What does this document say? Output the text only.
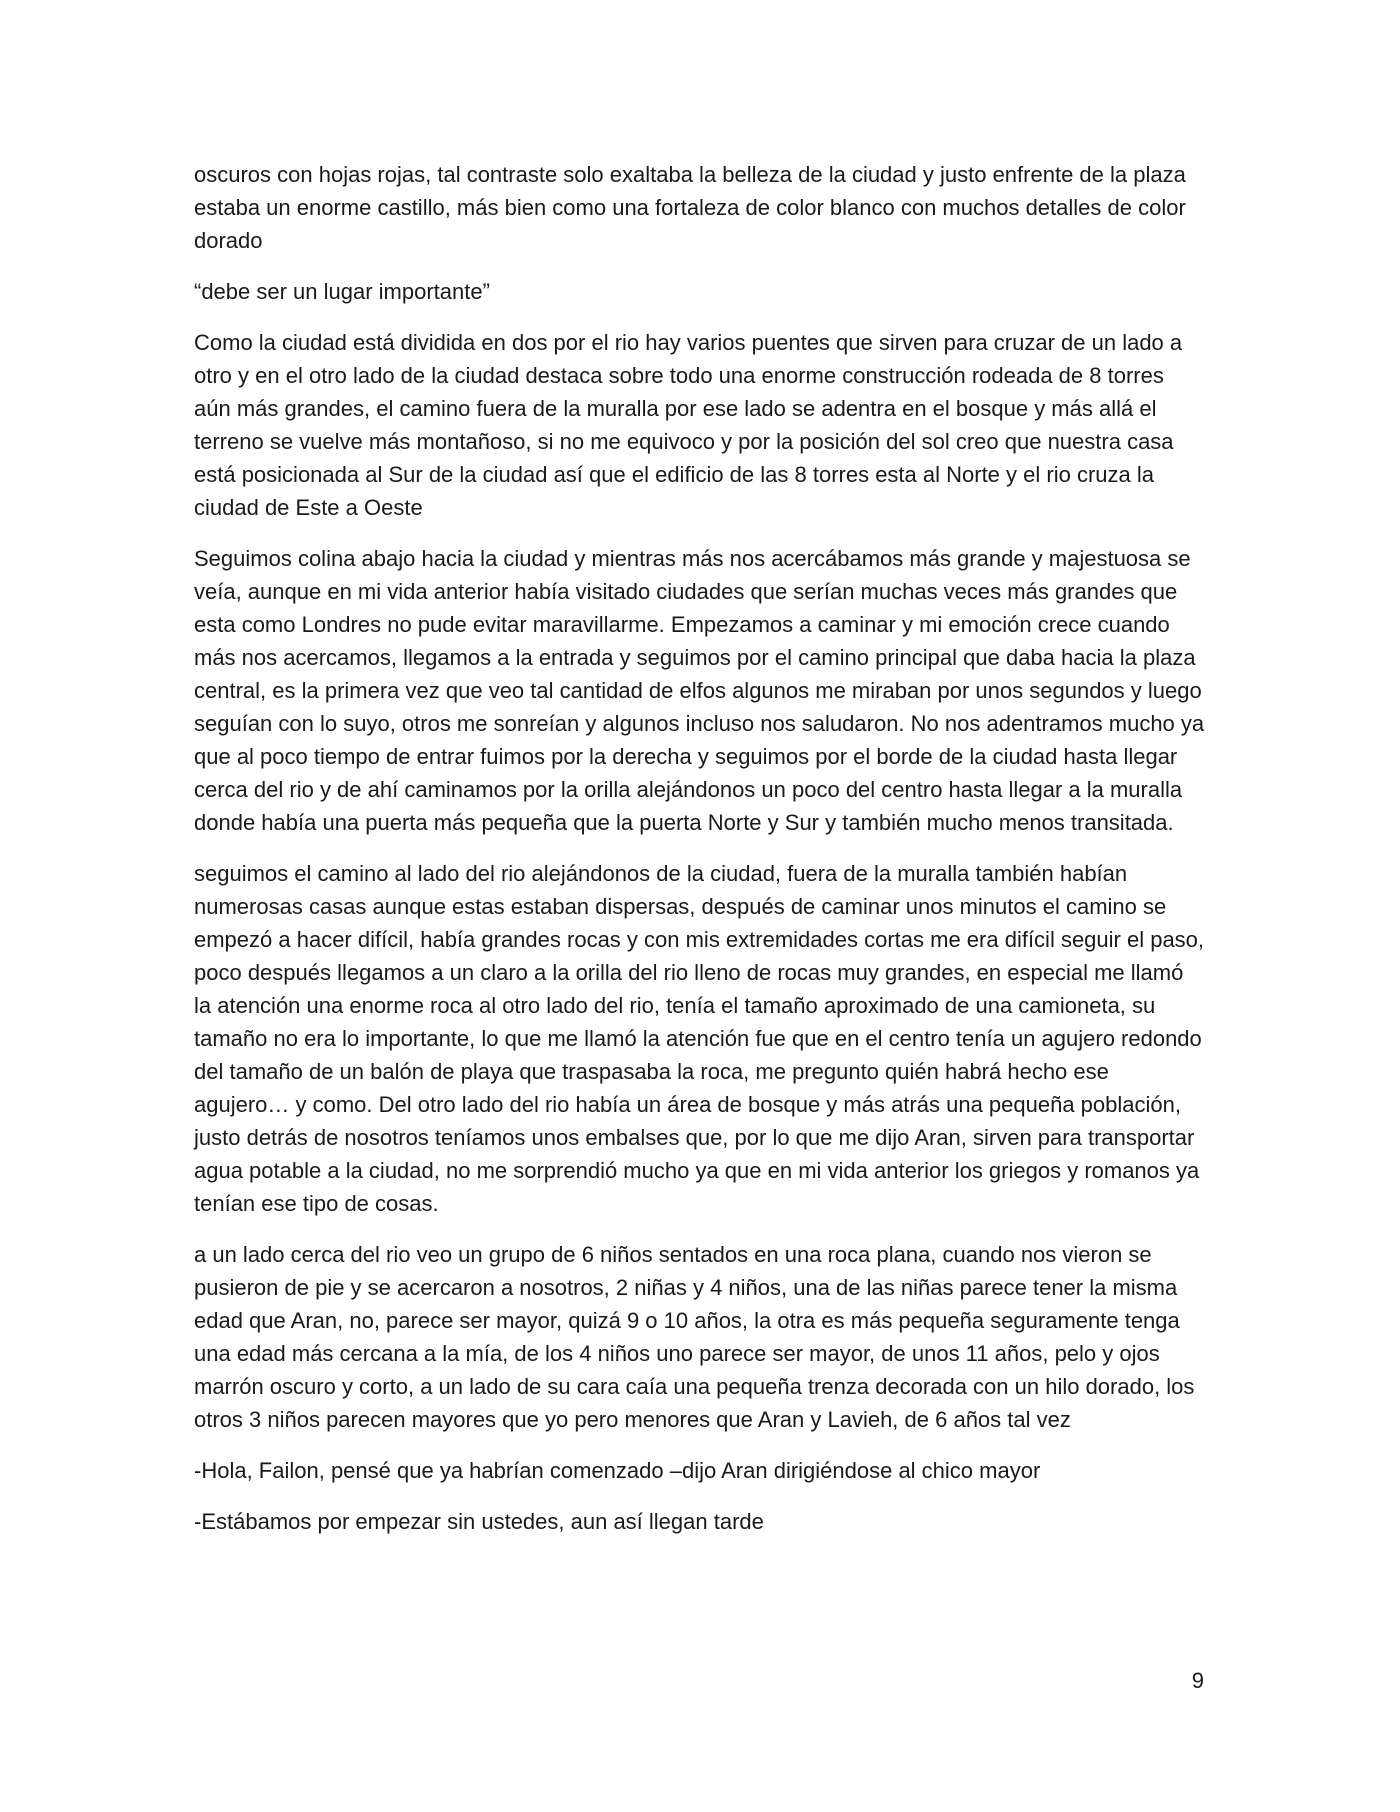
oscuros con hojas rojas, tal contraste solo exaltaba la belleza de la ciudad y justo enfrente de la plaza estaba un enorme castillo, más bien como una fortaleza de color blanco con muchos detalles de color dorado

“debe ser un lugar importante”

Como la ciudad está dividida en dos por el rio hay varios puentes que sirven para cruzar de un lado a otro y en el otro lado de la ciudad destaca sobre todo una enorme construcción rodeada de 8 torres aún más grandes, el camino fuera de la muralla por ese lado se adentra en el bosque y más allá el terreno se vuelve más montañoso, si no me equivoco y por la posición del sol creo que nuestra casa está posicionada al Sur de la ciudad así que el edificio de las 8 torres esta al Norte y el rio cruza la ciudad de Este a Oeste

Seguimos colina abajo hacia la ciudad y mientras más nos acercábamos más grande y majestuosa se veía, aunque en mi vida anterior había visitado ciudades que serían muchas veces más grandes que esta como Londres no pude evitar maravillarme. Empezamos a caminar y mi emoción crece cuando más nos acercamos, llegamos a la entrada y seguimos por el camino principal que daba hacia la plaza central, es la primera vez que veo tal cantidad de elfos algunos me miraban por unos segundos y luego seguían con lo suyo, otros me sonreían y algunos incluso nos saludaron. No nos adentramos mucho ya que al poco tiempo de entrar fuimos por la derecha y seguimos por el borde de la ciudad hasta llegar cerca del rio y de ahí caminamos por la orilla alejándonos un poco del centro hasta llegar a la muralla donde había una puerta más pequeña que la puerta Norte y Sur y también mucho menos transitada.

seguimos el camino al lado del rio alejándonos de la ciudad, fuera de la muralla también habían numerosas casas aunque estas estaban dispersas, después de caminar unos minutos el camino se empezó a hacer difícil, había grandes rocas y con mis extremidades cortas me era difícil seguir el paso, poco después llegamos a un claro a la orilla del rio lleno de rocas muy grandes, en especial me llamó la atención una enorme roca al otro lado del rio, tenía el tamaño aproximado de una camioneta, su tamaño no era lo importante, lo que me llamó la atención fue que en el centro tenía un agujero redondo del tamaño de un balón de playa que traspasaba la roca, me pregunto quién habrá hecho ese agujero… y como. Del otro lado del rio había un área de bosque y más atrás una pequeña población, justo detrás de nosotros teníamos unos embalses que, por lo que me dijo Aran, sirven para transportar agua potable a la ciudad, no me sorprendió mucho ya que en mi vida anterior los griegos y romanos ya tenían ese tipo de cosas.

a un lado cerca del rio veo un grupo de 6 niños sentados en una roca plana, cuando nos vieron se pusieron de pie y se acercaron a nosotros, 2 niñas y 4 niños, una de las niñas parece tener la misma edad que Aran, no, parece ser mayor, quizá 9 o 10 años, la otra es más pequeña seguramente tenga una edad más cercana a la mía, de los 4 niños uno parece ser mayor, de unos 11 años, pelo y ojos marrón oscuro y corto, a un lado de su cara caía una pequeña trenza decorada con un hilo dorado, los otros 3 niños parecen mayores que yo pero menores que Aran y Lavieh, de 6 años tal vez

-Hola, Failon, pensé que ya habrían comenzado –dijo Aran dirigiéndose al chico mayor

-Estábamos por empezar sin ustedes, aun así llegan tarde

9
